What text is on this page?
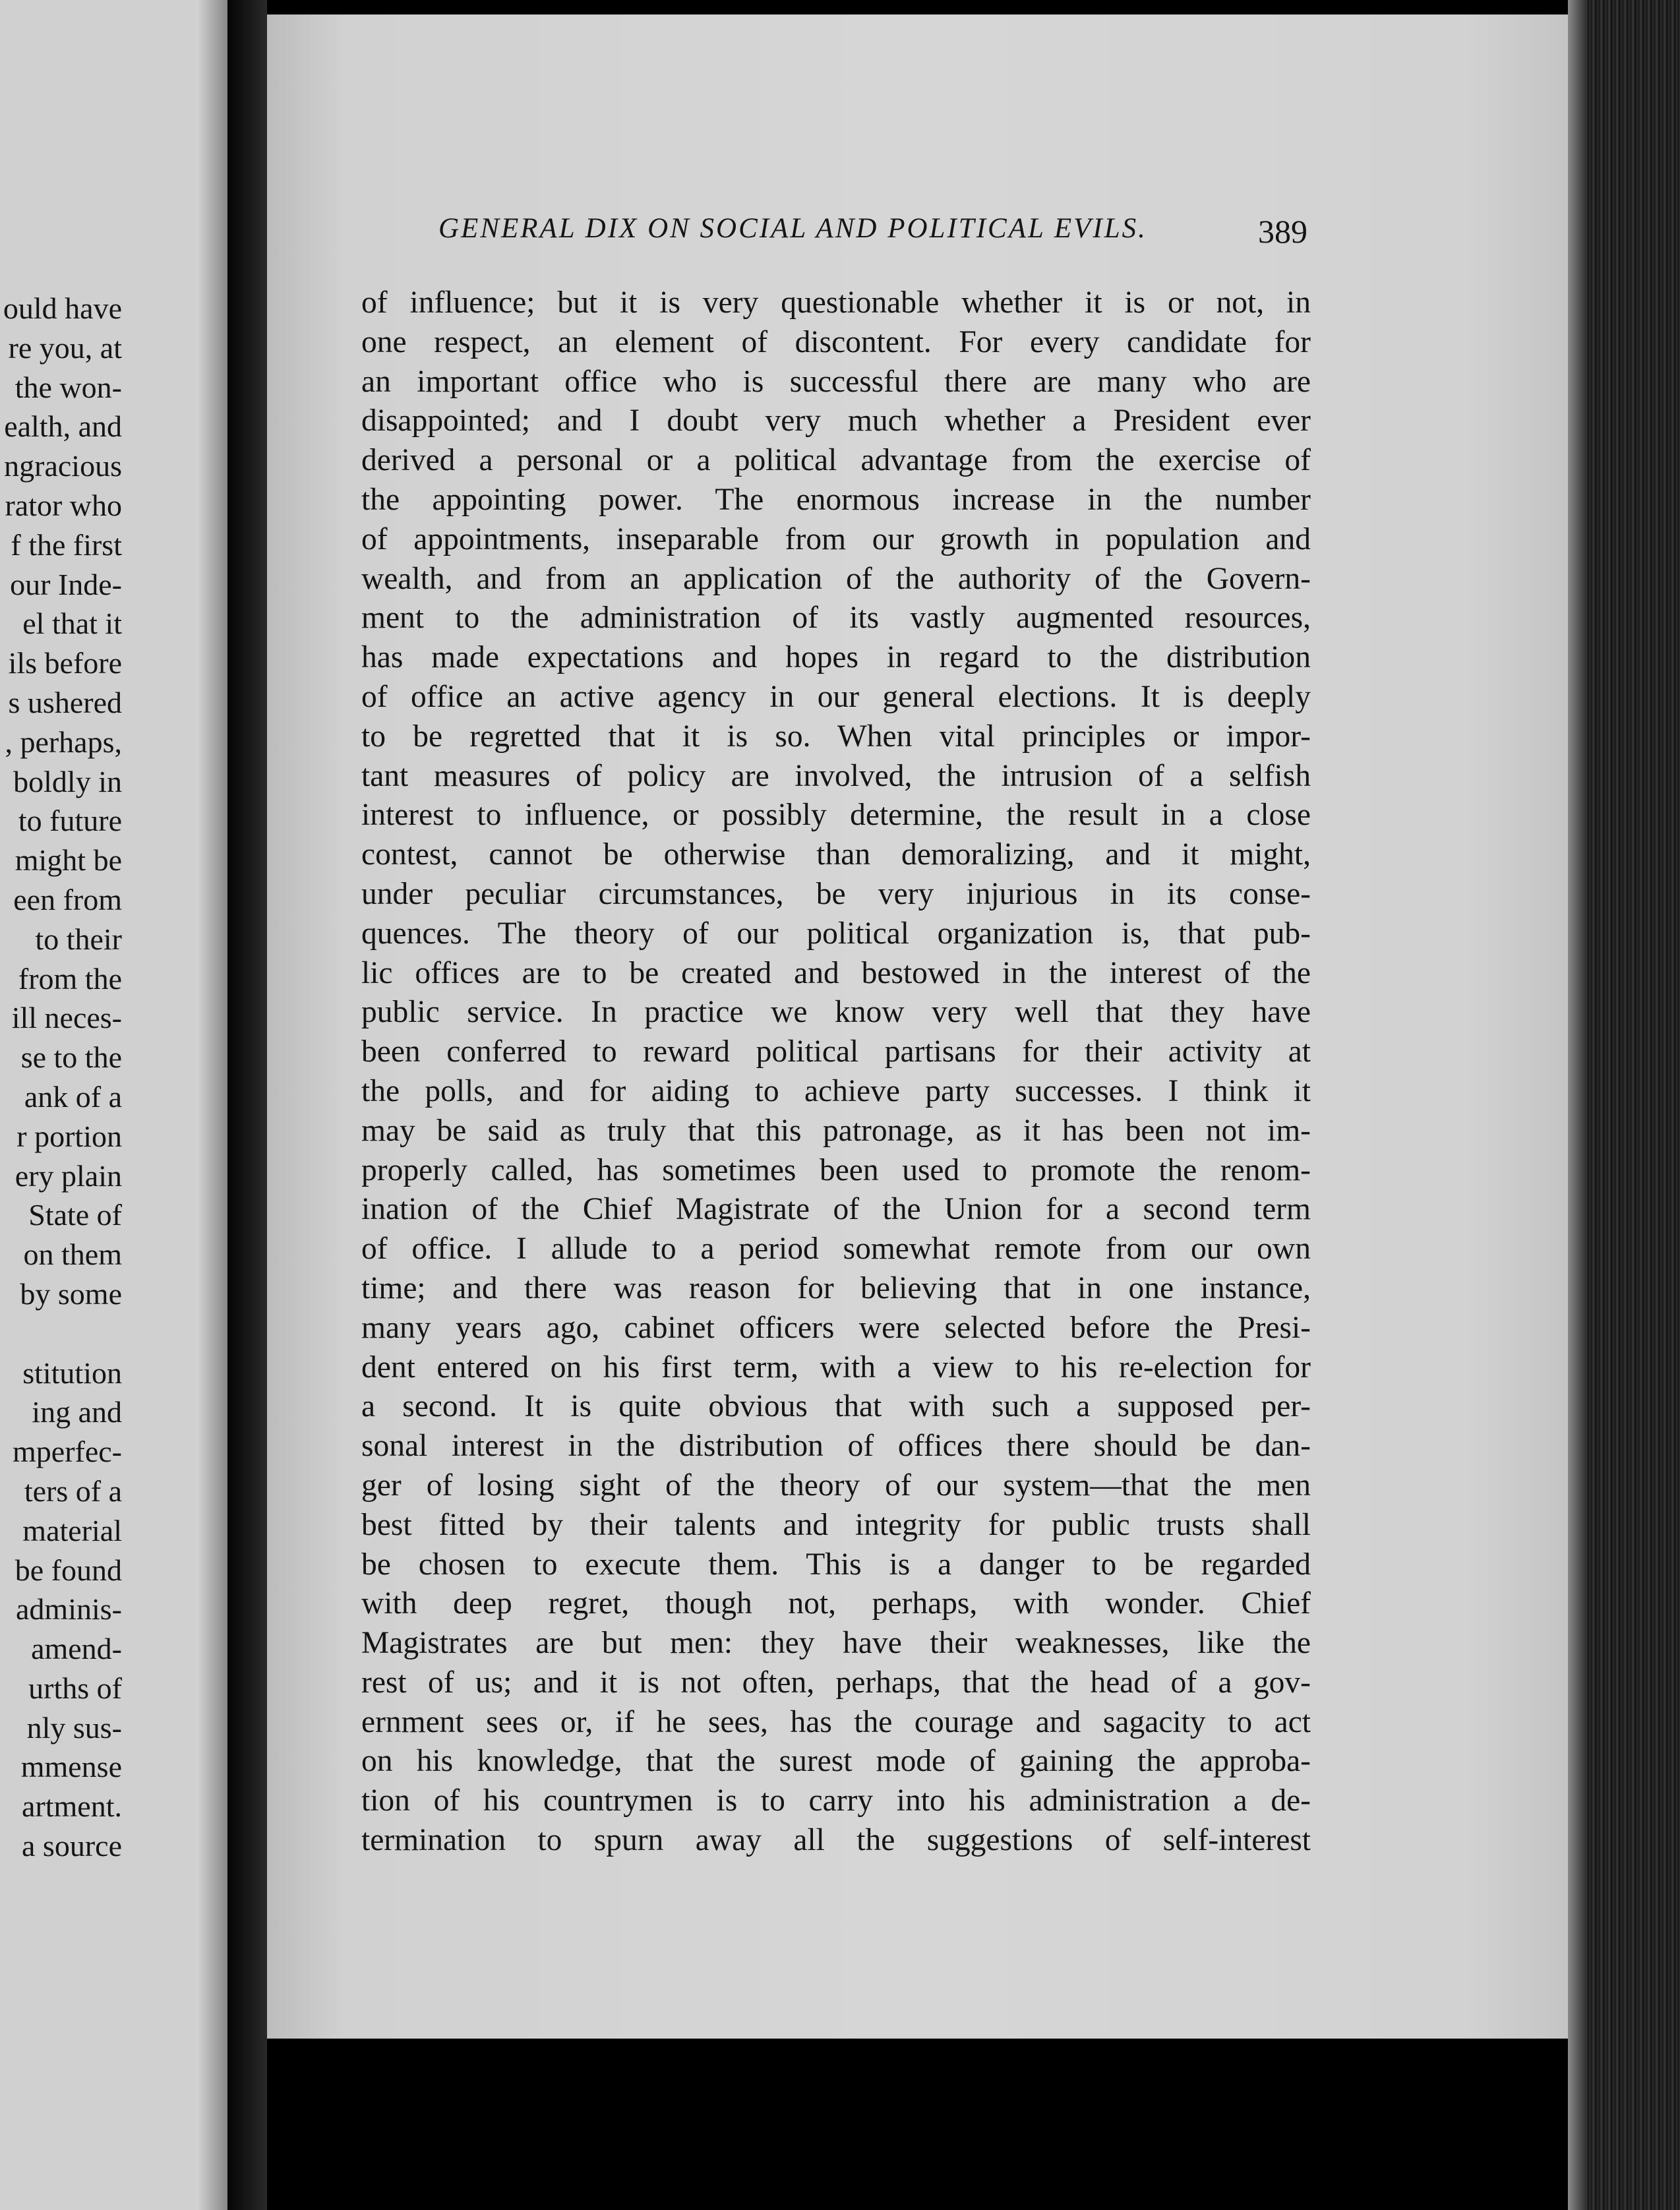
ould have
re you, at
the won-
ealth, and
ngracious
rator who
f the first
our Inde-
el that it
ils before
s ushered
, perhaps,
boldly in
to future
might be
een from
to their
from the
ill neces-
se to the
ank of a
r portion
ery plain
State of
on them
by some
stitution
ing and
mperfec-
ters of a
material
be found
adminis-
amend-
urths of
nly sus-
mmense
artment.
a source
GENERAL DIX ON SOCIAL AND POLITICAL EVILS.	389
of influence; but it is very questionable whether it is or not, in
one respect, an element of discontent. For every candidate for
an important office who is successful there are many who are
disappointed; and I doubt very much whether a President ever
derived a personal or a political advantage from the exercise of
the appointing power. The enormous increase in the number
of appointments, inseparable from our growth in population and
wealth, and from an application of the authority of the Govern-
ment to the administration of its vastly augmented resources,
has made expectations and hopes in regard to the distribution
of office an active agency in our general elections. It is deeply
to be regretted that it is so. When vital principles or impor-
tant measures of policy are involved, the intrusion of a selfish
interest to influence, or possibly determine, the result in a close
contest, cannot be otherwise than demoralizing, and it might,
under peculiar circumstances, be very injurious in its conse-
quences. The theory of our political organization is, that pub-
lic offices are to be created and bestowed in the interest of the
public service. In practice we know very well that they have
been conferred to reward political partisans for their activity at
the polls, and for aiding to achieve party successes. I think it
may be said as truly that this patronage, as it has been not im-
properly called, has sometimes been used to promote the renom-
ination of the Chief Magistrate of the Union for a second term
of office. I allude to a period somewhat remote from our own
time; and there was reason for believing that in one instance,
many years ago, cabinet officers were selected before the Presi-
dent entered on his first term, with a view to his re-election for
a second. It is quite obvious that with such a supposed per-
sonal interest in the distribution of offices there should be dan-
ger of losing sight of the theory of our system—that the men
best fitted by their talents and integrity for public trusts shall
be chosen to execute them. This is a danger to be regarded
with deep regret, though not, perhaps, with wonder. Chief
Magistrates are but men: they have their weaknesses, like the
rest of us; and it is not often, perhaps, that the head of a gov-
ernment sees or, if he sees, has the courage and sagacity to act
on his knowledge, that the surest mode of gaining the approba-
tion of his countrymen is to carry into his administration a de-
termination to spurn away all the suggestions of self-interest
